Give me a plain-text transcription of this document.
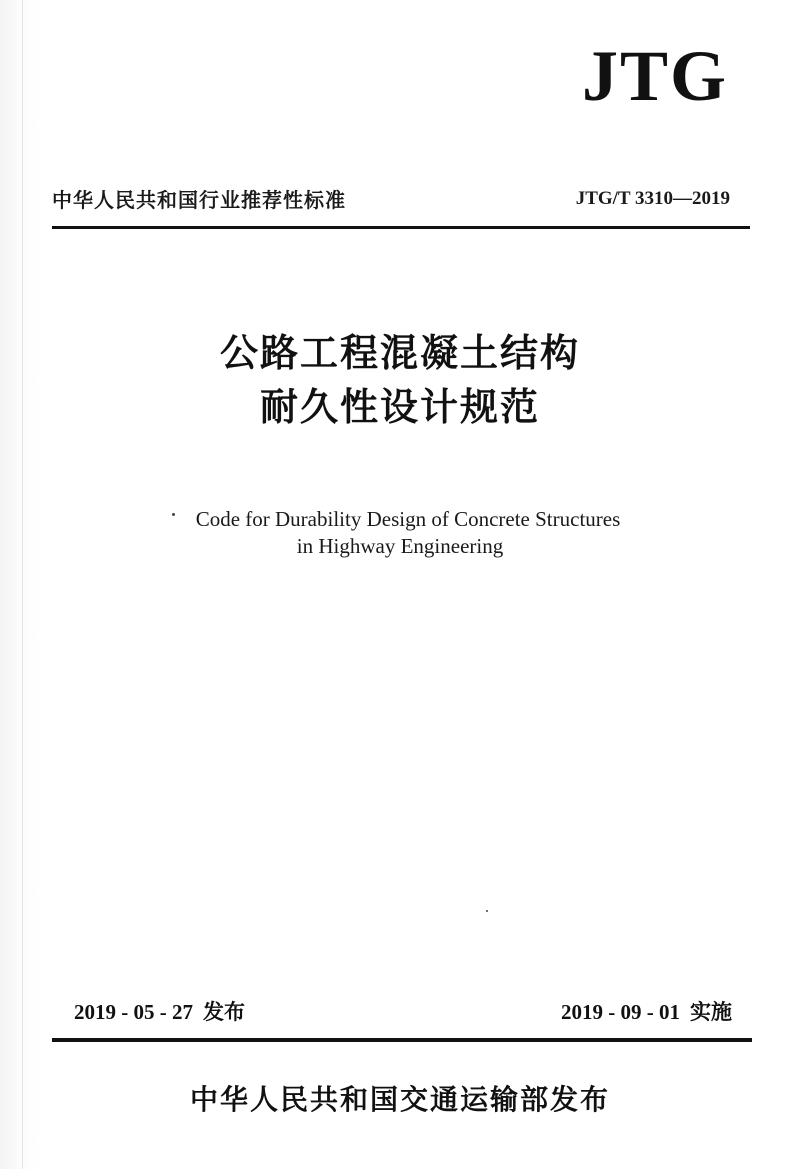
JTG
中华人民共和国行业推荐性标准	JTG/T 3310—2019
公路工程混凝土结构
耐久性设计规范
Code for Durability Design of Concrete Structures
in Highway Engineering
2019 - 05 - 27 发布	2019 - 09 - 01 实施
中华人民共和国交通运输部发布
